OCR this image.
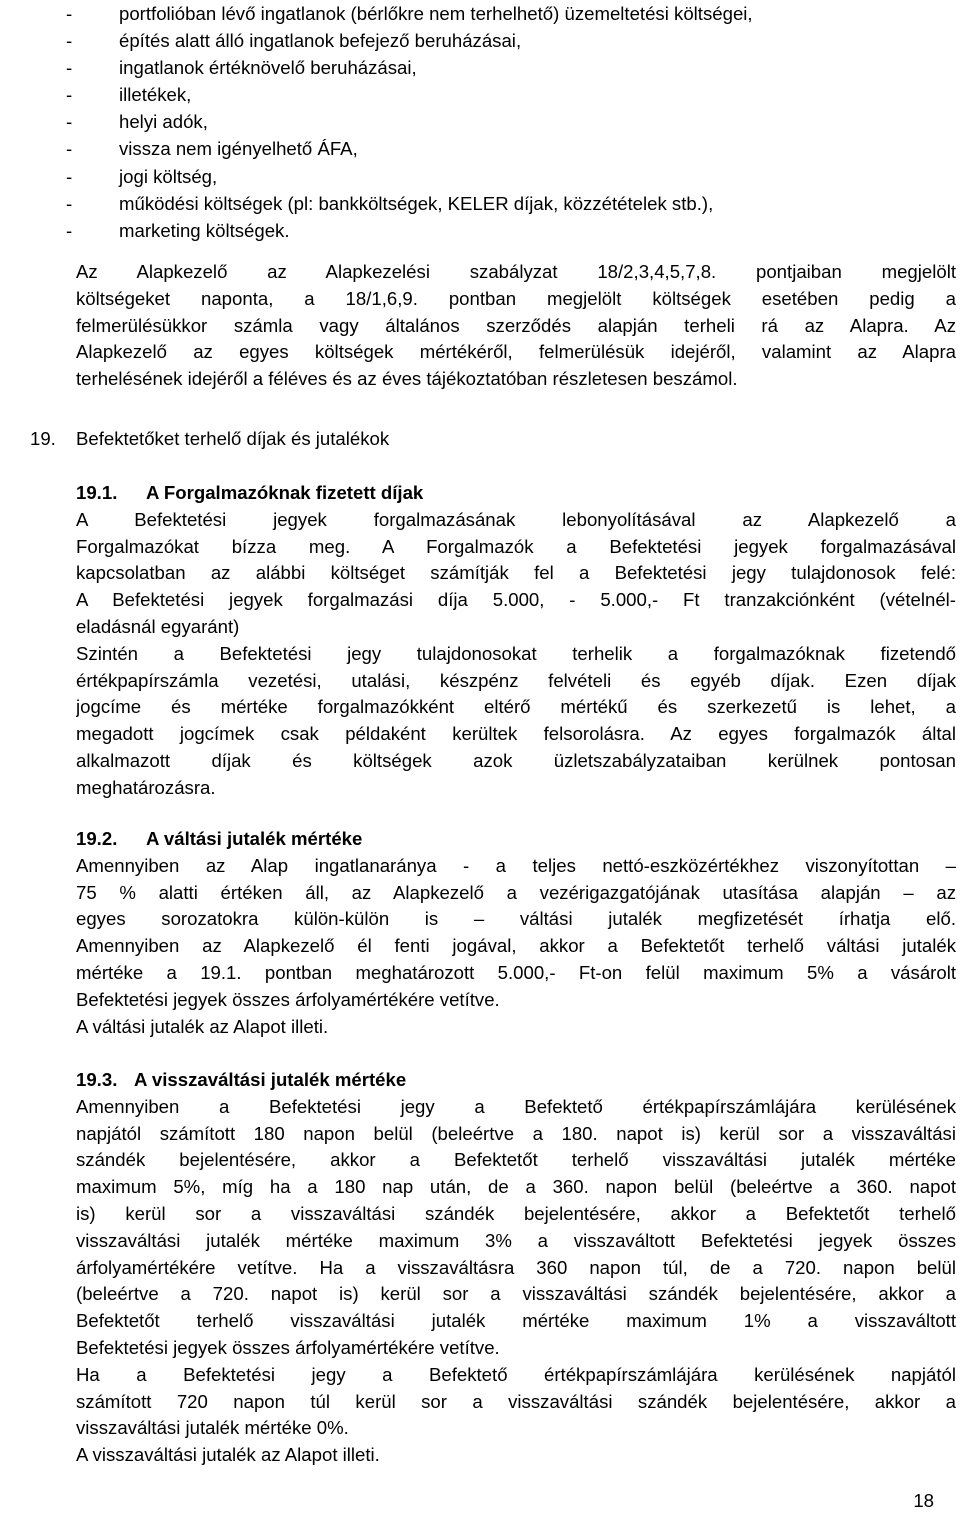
-	portfolióban lévő ingatlanok (bérlőkre nem terhelhető) üzemeltetési költségei,
-	építés alatt álló ingatlanok befejező beruházásai,
-	ingatlanok értéknövelő beruházásai,
-	illetékek,
-	helyi adók,
-	vissza nem igényelhető ÁFA,
-	jogi költség,
-	működési költségek (pl: bankköltségek, KELER díjak, közzétételek stb.),
-	marketing költségek.
Az Alapkezelő az Alapkezelési szabályzat 18/2,3,4,5,7,8. pontjaiban megjelölt
költségeket naponta, a 18/1,6,9. pontban megjelölt költségek esetében pedig a
felmerülésükkor számla vagy általános szerződés alapján terheli rá az Alapra. Az
Alapkezelő az egyes költségek mértékéről, felmerülésük idejéről, valamint az Alapra
terhelésének idejéről a féléves és az éves tájékoztatóban részletesen beszámol.
19. Befektetőket terhelő díjak és jutalékok
19.1. A Forgalmazóknak fizetett díjak
A Befektetési jegyek forgalmazásának lebonyolításával az Alapkezelő a
Forgalmazókat bízza meg. A Forgalmazók a Befektetési jegyek forgalmazásával
kapcsolatban az alábbi költséget számítják fel a Befektetési jegy tulajdonosok felé:
A Befektetési jegyek forgalmazási díja 5.000, - 5.000,- Ft tranzakciónként (vételnél-
eladásnál egyaránt)
Szintén a Befektetési jegy tulajdonosokat terhelik a forgalmazóknak fizetendő
értékpapírszámla vezetési, utalási, készpénz felvételi és egyéb díjak. Ezen díjak
jogcíme és mértéke forgalmazókként eltérő mértékű és szerkezetű is lehet, a
megadott jogcímek csak példaként kerültek felsorolásra. Az egyes forgalmazók által
alkalmazott díjak és költségek azok üzletszabályzataiban kerülnek pontosan
meghatározásra.
19.2. A váltási jutalék mértéke
Amennyiben az Alap ingatlanaránya - a teljes nettó-eszközértékhez viszonyítottan –
75 % alatti értéken áll, az Alapkezelő a vezérigazgatójának utasítása alapján – az
egyes sorozatokra külön-külön is – váltási jutalék megfizetését írhatja elő.
Amennyiben az Alapkezelő él fenti jogával, akkor a Befektetőt terhelő váltási jutalék
mértéke a 19.1. pontban meghatározott 5.000,- Ft-on felül maximum 5% a vásárolt
Befektetési jegyek összes árfolyamértékére vetítve.
A váltási jutalék az Alapot illeti.
19.3. A visszaváltási jutalék mértéke
Amennyiben a Befektetési jegy a Befektető értékpapírszámlájára kerülésének
napjától számított 180 napon belül (beleértve a 180. napot is) kerül sor a visszaváltási
szándék bejelentésére, akkor a Befektetőt terhelő visszaváltási jutalék mértéke
maximum 5%, míg ha a 180 nap után, de a 360. napon belül (beleértve a 360. napot
is) kerül sor a visszaváltási szándék bejelentésére, akkor a Befektetőt terhelő
visszaváltási jutalék mértéke maximum 3% a visszaváltott Befektetési jegyek összes
árfolyamértékére vetítve. Ha a visszaváltásra 360 napon túl, de a 720. napon belül
(beleértve a 720. napot is) kerül sor a visszaváltási szándék bejelentésére, akkor a
Befektetőt terhelő visszaváltási jutalék mértéke maximum 1% a visszaváltott
Befektetési jegyek összes árfolyamértékére vetítve.
Ha a Befektetési jegy a Befektető értékpapírszámlájára kerülésének napjától
számított 720 napon túl kerül sor a visszaváltási szándék bejelentésére, akkor a
visszaváltási jutalék mértéke 0%.
A visszaváltási jutalék az Alapot illeti.
18
